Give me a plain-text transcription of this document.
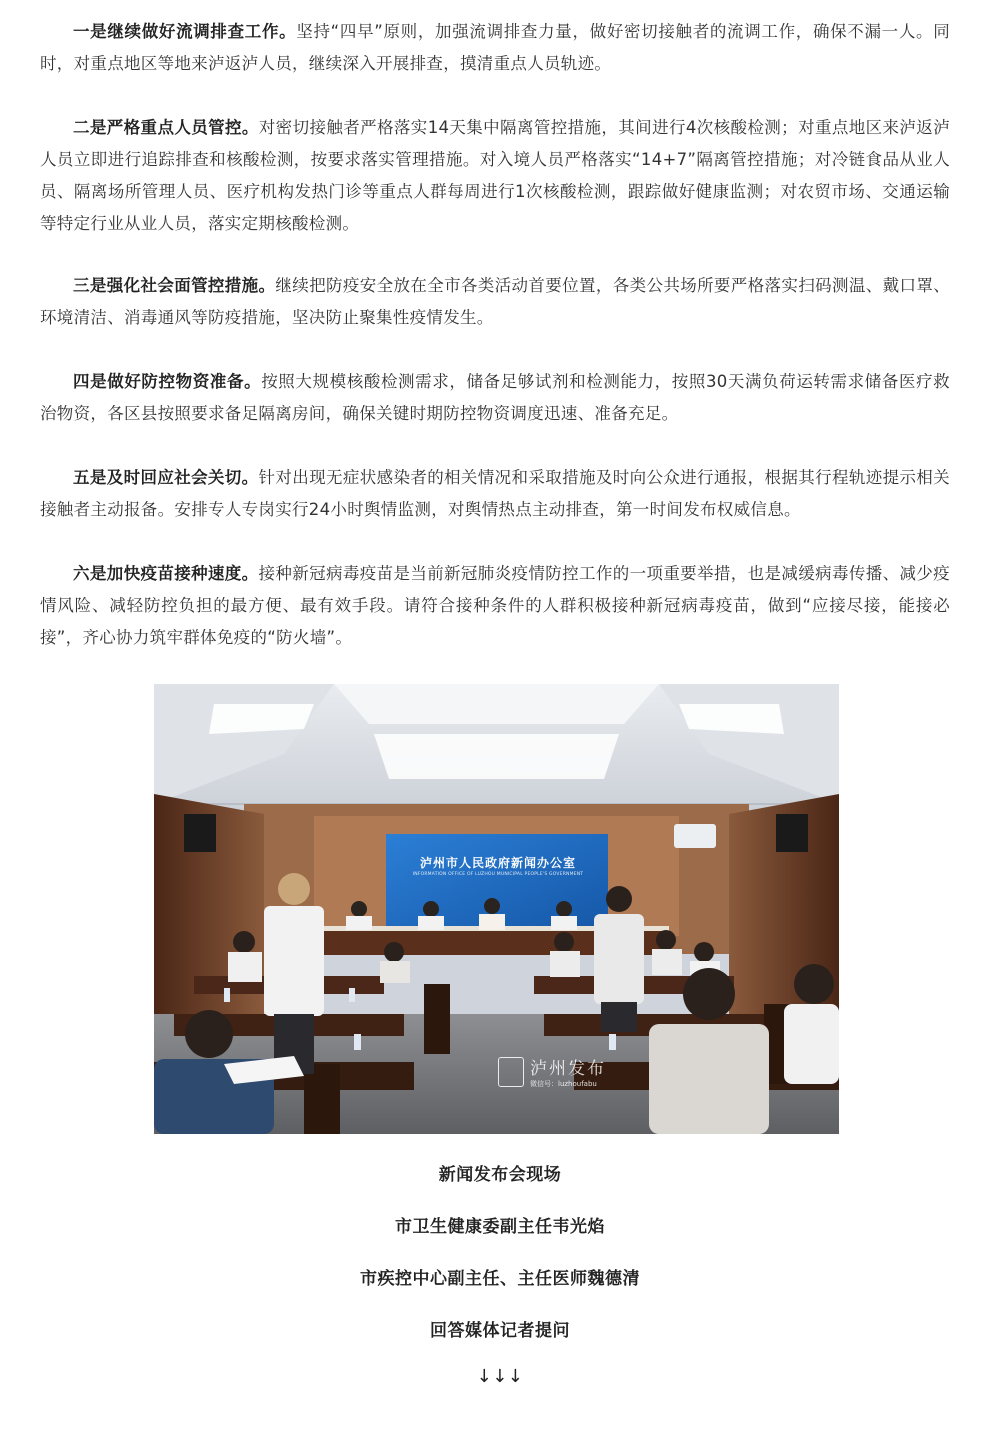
一是继续做好流调排查工作。坚持“四早”原则，加强流调排查力量，做好密切接触者的流调工作，确保不漏一人。同时，对重点地区等地来泸返泸人员，继续深入开展排查，摸清重点人员轨迹。

二是严格重点人员管控。对密切接触者严格落实14天集中隔离管控措施，其间进行4次核酸检测；对重点地区来泸返泸人员立即进行追踪排查和核酸检测，按要求落实管理措施。对入境人员严格落实“14+7”隔离管控措施；对冷链食品从业人员、隔离场所管理人员、医疗机构发热门诊等重点人群每周进行1次核酸检测，跟踪做好健康监测；对农贸市场、交通运输等特定行业从业人员，落实定期核酸检测。

三是强化社会面管控措施。继续把防疫安全放在全市各类活动首要位置，各类公共场所要严格落实扫码测温、戴口罩、环境清洁、消毒通风等防疫措施，坚决防止聚集性疫情发生。

四是做好防控物资准备。按照大规模核酸检测需求，储备足够试剂和检测能力，按照30天满负荷运转需求储备医疗救治物资，各区县按照要求备足隔离房间，确保关键时期防控物资调度迅速、准备充足。

五是及时回应社会关切。针对出现无症状感染者的相关情况和采取措施及时向公众进行通报，根据其行程轨迹提示相关接触者主动报备。安排专人专岗实行24小时舆情监测，对舆情热点主动排查，第一时间发布权威信息。

六是加快疫苗接种速度。接种新冠病毒疫苗是当前新冠肺炎疫情防控工作的一项重要举措，也是减缓病毒传播、减少疫情风险、减轻防控负担的最方便、最有效手段。请符合接种条件的人群积极接种新冠病毒疫苗，做到“应接尽接，能接必接”，齐心协力筑牢群体免疫的“防火墙”。

泸州市人民政府新闻办公室
INFORMATION OFFICE OF LUZHOU MUNICIPAL PEOPLE'S GOVERNMENT
泸州发布
微信号：luzhoufabu
新闻发布会现场
市卫生健康委副主任韦光焰
市疾控中心副主任、主任医师魏德清
回答媒体记者提问
↓↓↓
